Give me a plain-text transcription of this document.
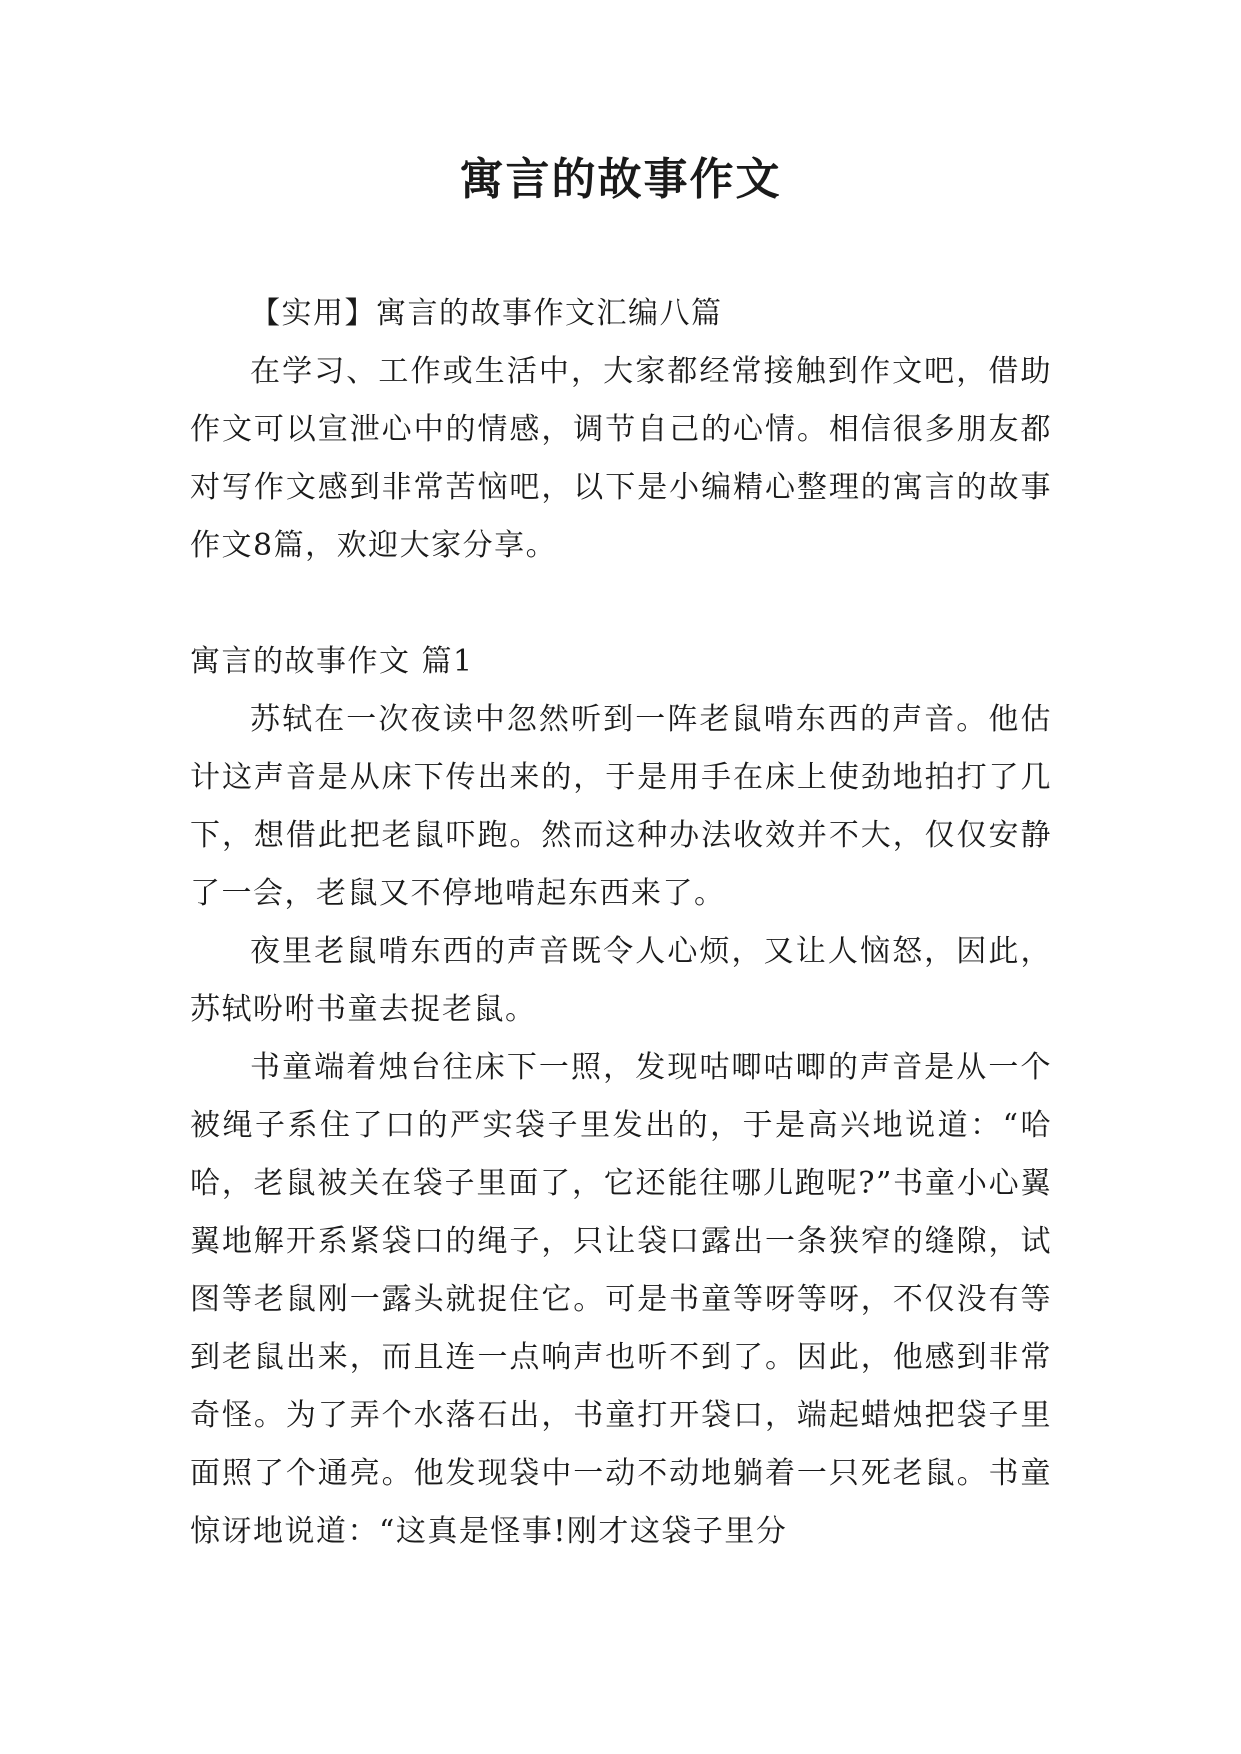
寓言的故事作文

【实用】寓言的故事作文汇编八篇

在学习、工作或生活中，大家都经常接触到作文吧，借助作文可以宣泄心中的情感，调节自己的心情。相信很多朋友都对写作文感到非常苦恼吧，以下是小编精心整理的寓言的故事作文8篇，欢迎大家分享。

寓言的故事作文 篇1

苏轼在一次夜读中忽然听到一阵老鼠啃东西的声音。他估计这声音是从床下传出来的，于是用手在床上使劲地拍打了几下，想借此把老鼠吓跑。然而这种办法收效并不大，仅仅安静了一会，老鼠又不停地啃起东西来了。

夜里老鼠啃东西的声音既令人心烦，又让人恼怒，因此，苏轼吩咐书童去捉老鼠。

书童端着烛台往床下一照，发现咕唧咕唧的声音是从一个被绳子系住了口的严实袋子里发出的，于是高兴地说道：“哈哈，老鼠被关在袋子里面了，它还能往哪儿跑呢?”书童小心翼翼地解开系紧袋口的绳子，只让袋口露出一条狭窄的缝隙，试图等老鼠刚一露头就捉住它。可是书童等呀等呀，不仅没有等到老鼠出来，而且连一点响声也听不到了。因此，他感到非常奇怪。为了弄个水落石出，书童打开袋口，端起蜡烛把袋子里面照了个通亮。他发现袋中一动不动地躺着一只死老鼠。书童惊讶地说道：“这真是怪事!刚才这袋子里分
